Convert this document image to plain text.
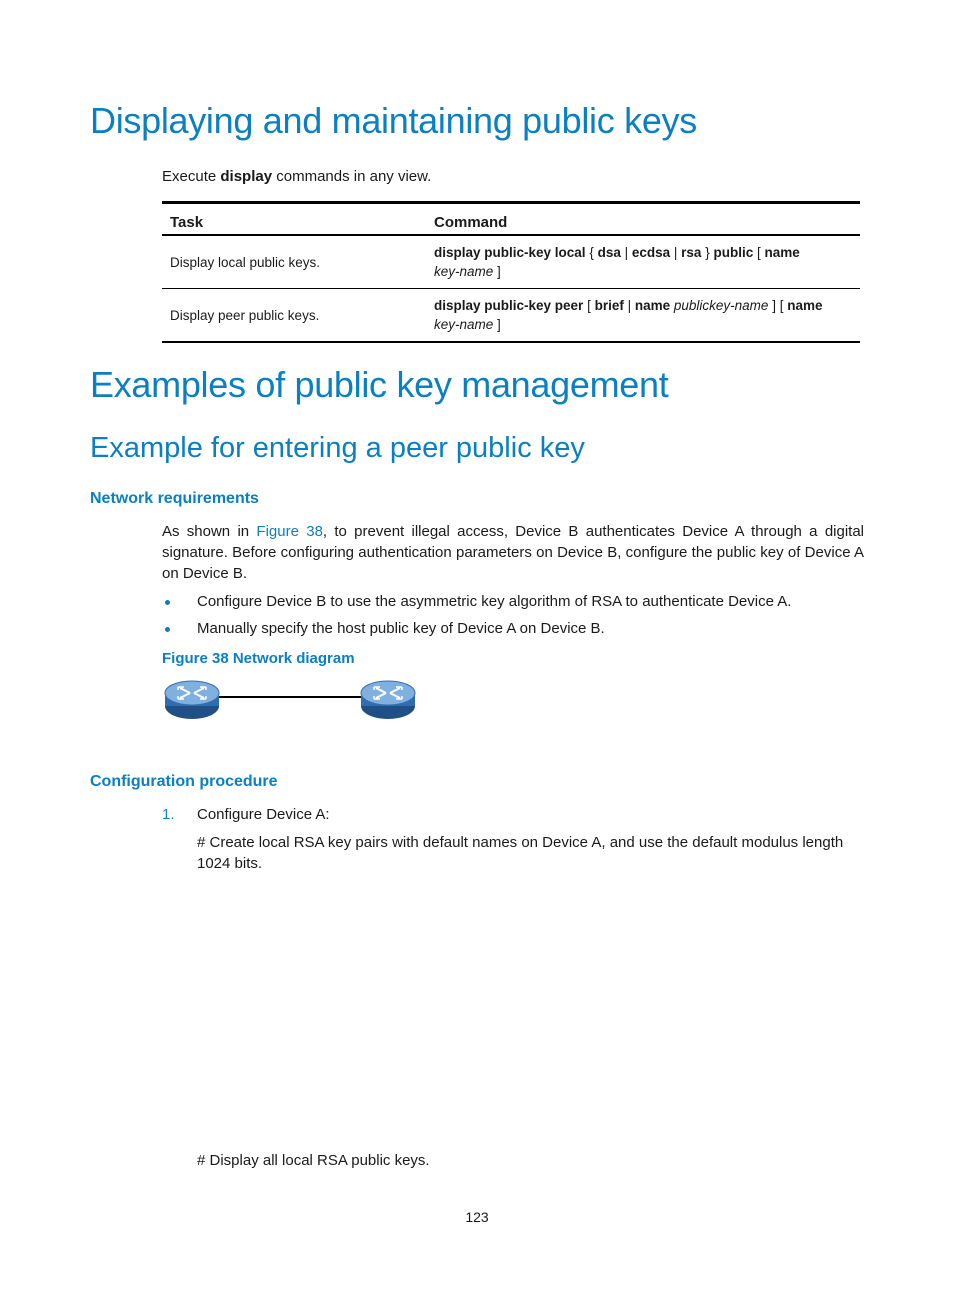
Displaying and maintaining public keys
Execute display commands in any view.
Task	Command
Display local public keys.	display public-key local { dsa | ecdsa | rsa } public [ name
key-name ]
Display peer public keys.	display public-key peer [ brief | name publickey-name ] [ name
key-name ]
Examples of public key management
Example for entering a peer public key
Network requirements
As shown in Figure 38, to prevent illegal access, Device B authenticates Device A through a digital signature. Before configuring authentication parameters on Device B, configure the public key of Device A on Device B.
Configure Device B to use the asymmetric key algorithm of RSA to authenticate Device A.
Manually specify the host public key of Device A on Device B.
Figure 38 Network diagram
Configuration procedure
1. Configure Device A:
# Create local RSA key pairs with default names on Device A, and use the default modulus length 1024 bits.
# Display all local RSA public keys.
123
